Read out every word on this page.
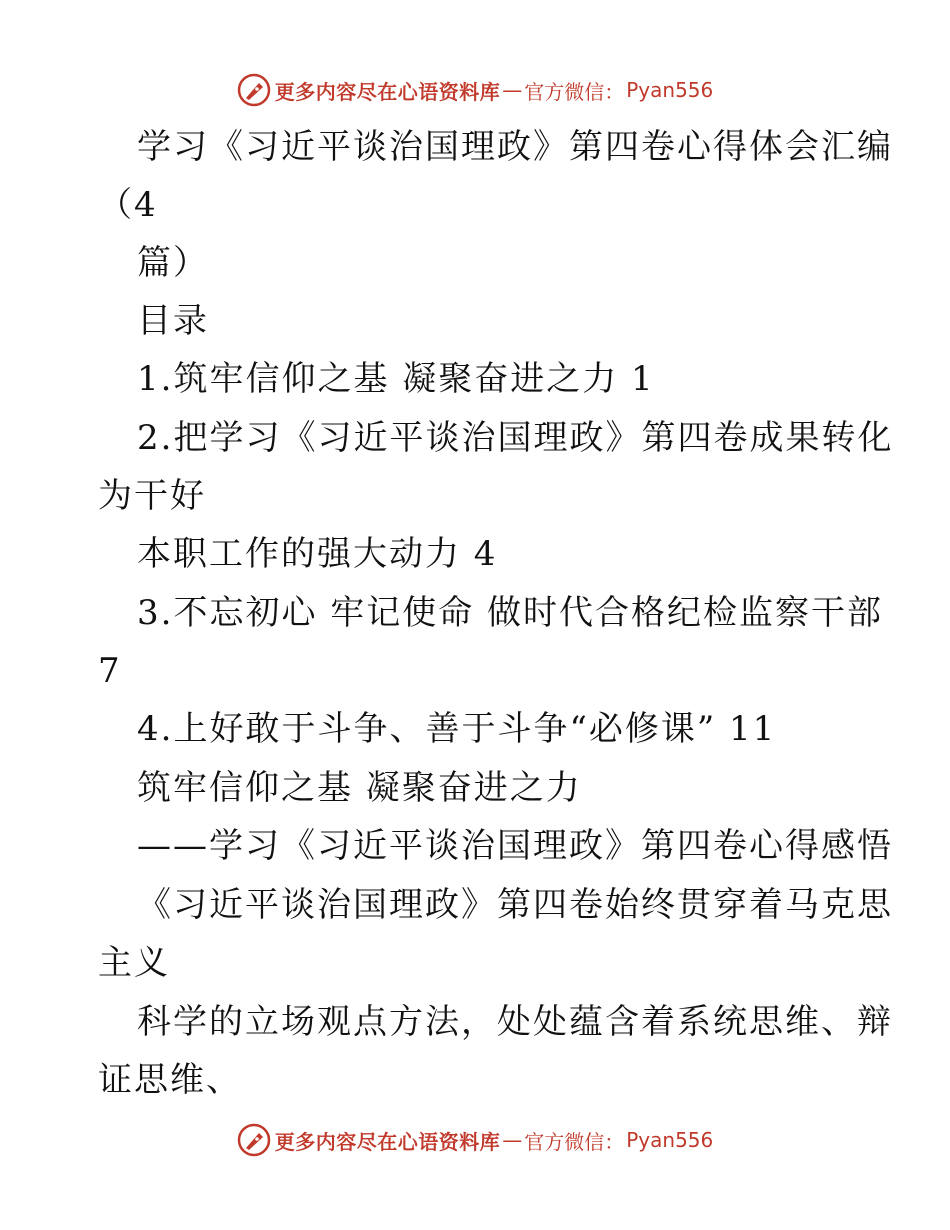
更多内容尽在心语资料库 — 官方微信： Pyan556
学习《习近平谈治国理政》第四卷心得体会汇编
（4
篇）
目录
1.筑牢信仰之基 凝聚奋进之力 1
2.把学习《习近平谈治国理政》第四卷成果转化
为干好
本职工作的强大动力 4
3.不忘初心 牢记使命 做时代合格纪检监察干部
7
4.上好敢于斗争、善于斗争“必修课” 11
筑牢信仰之基 凝聚奋进之力
——学习《习近平谈治国理政》第四卷心得感悟
《习近平谈治国理政》第四卷始终贯穿着马克思
主义
科学的立场观点方法，处处蕴含着系统思维、辩
证思维、
更多内容尽在心语资料库 — 官方微信： Pyan556
